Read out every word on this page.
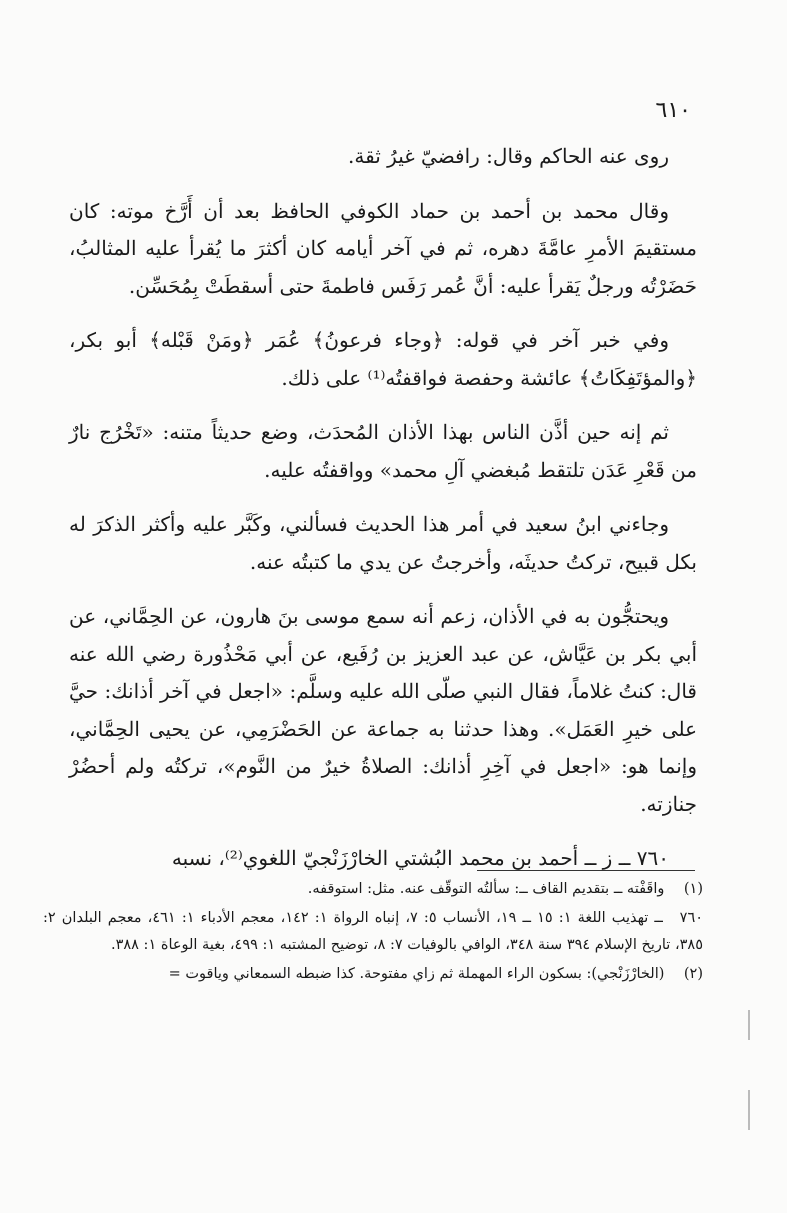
٦١٠

روى عنه الحاكم وقال: رافضيّ غيرُ ثقة.

وقال محمد بن أحمد بن حماد الكوفي الحافظ بعد أن أَرَّخ موته: كان مستقيمَ الأمرِ عامَّةَ دهره، ثم في آخر أيامه كان أكثرَ ما يُقرأ عليه المثالبُ، حَضَرْتُه ورجلٌ يَقرأ عليه: أنَّ عُمر رَفَس فاطمةَ حتى أسقطَتْ بِمُحَسِّن.

وفي خبر آخر في قوله: ﴿وجاء فرعونُ﴾ عُمَر ﴿ومَنْ قَبْله﴾ أبو بكر، ﴿والمؤتَفِكَاتُ﴾ عائشة وحفصة فواقفتُه⁽¹⁾ على ذلك.

ثم إنه حين أذَّن الناس بهذا الأذان المُحدَث، وضع حديثاً متنه: «تَخْرُج نارٌ من قَعْرِ عَدَن تلتقط مُبغضي آلِ محمد» وواقفتُه عليه.

وجاءني ابنُ سعيد في أمر هذا الحديث فسألني، وكَبَّر عليه وأكثر الذكرَ له بكل قبيح، تركتُ حديثَه، وأخرجتُ عن يدي ما كتبتُه عنه.

ويحتجُّون به في الأذان، زعم أنه سمع موسى بنَ هارون، عن الحِمَّاني، عن أبي بكر بن عَيَّاش، عن عبد العزيز بن رُفَيع، عن أبي مَحْذُورة رضي الله عنه قال: كنتُ غلاماً، فقال النبي صلّى الله عليه وسلَّم: «اجعل في آخر أذانك: حيَّ على خيرِ العَمَل». وهذا حدثنا به جماعة عن الحَضْرَمِي، عن يحيى الحِمَّاني، وإنما هو: «اجعل في آخِرِ أذانك: الصلاةُ خيرٌ من النَّوم»، تركتُه ولم أحضُرْ جنازته.

٧٦٠ ــ ز ــ أحمد بن محمد البُشتي الخارْزَنْجيّ اللغوي⁽²⁾، نسبه

(١) واقَفْته ــ بتقديم القاف ــ: سألتُه التوقّف عنه. مثل: استوقفه.

٧٦٠ ــ تهذيب اللغة ١: ١٥ ــ ١٩، الأنساب ٥: ٧، إنباه الرواة ١: ١٤٢، معجم الأدباء ١: ٤٦١، معجم البلدان ٢: ٣٨٥، تاريخ الإسلام ٣٩٤ سنة ٣٤٨، الوافي بالوفيات ٧: ٨، توضيح المشتبه ١: ٤٩٩، بغية الوعاة ١: ٣٨٨.

(٢) (الخارْزَنْجي): بسكون الراء المهملة ثم زاي مفتوحة. كذا ضبطه السمعاني وياقوت =
